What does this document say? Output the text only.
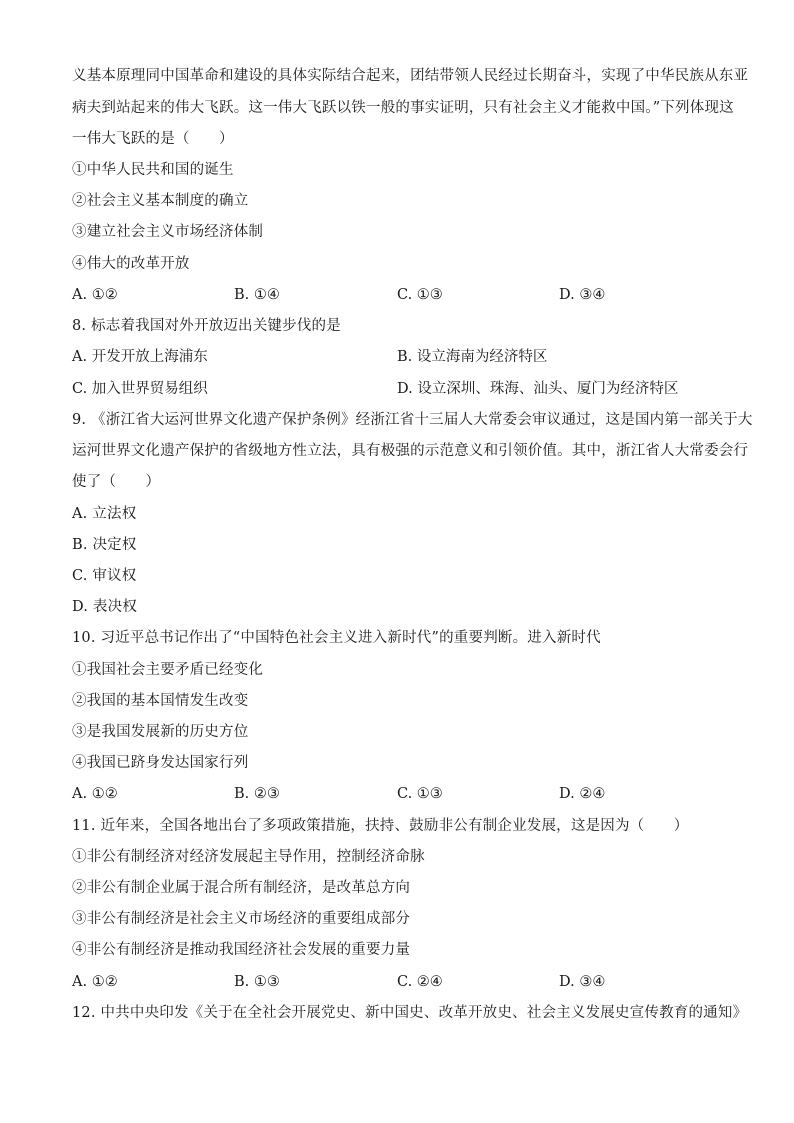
义基本原理同中国革命和建设的具体实际结合起来，团结带领人民经过长期奋斗，实现了中华民族从东亚
病夫到站起来的伟大飞跃。这一伟大飞跃以铁一般的事实证明，只有社会主义才能救中国。”下列体现这
一伟大飞跃的是（　　）
①中华人民共和国的诞生
②社会主义基本制度的确立
③建立社会主义市场经济体制
④伟大的改革开放
A. ①②	B. ①④	C. ①③	D. ③④
8. 标志着我国对外开放迈出关键步伐的是
A. 开发开放上海浦东	B. 设立海南为经济特区
C. 加入世界贸易组织	D. 设立深圳、珠海、汕头、厦门为经济特区
9. 《浙江省大运河世界文化遗产保护条例》经浙江省十三届人大常委会审议通过，这是国内第一部关于大
运河世界文化遗产保护的省级地方性立法，具有极强的示范意义和引领价值。其中，浙江省人大常委会行
使了（　　）
A. 立法权
B. 决定权
C. 审议权
D. 表决权
10. 习近平总书记作出了“中国特色社会主义进入新时代”的重要判断。进入新时代
①我国社会主要矛盾已经变化
②我国的基本国情发生改变
③是我国发展新的历史方位
④我国已跻身发达国家行列
A. ①②	B. ②③	C. ①③	D. ②④
11. 近年来，全国各地出台了多项政策措施，扶持、鼓励非公有制企业发展，这是因为（　　）
①非公有制经济对经济发展起主导作用，控制经济命脉
②非公有制企业属于混合所有制经济，是改革总方向
③非公有制经济是社会主义市场经济的重要组成部分
④非公有制经济是推动我国经济社会发展的重要力量
A. ①②	B. ①③	C. ②④	D. ③④
12. 中共中央印发《关于在全社会开展党史、新中国史、改革开放史、社会主义发展史宣传教育的通知》
